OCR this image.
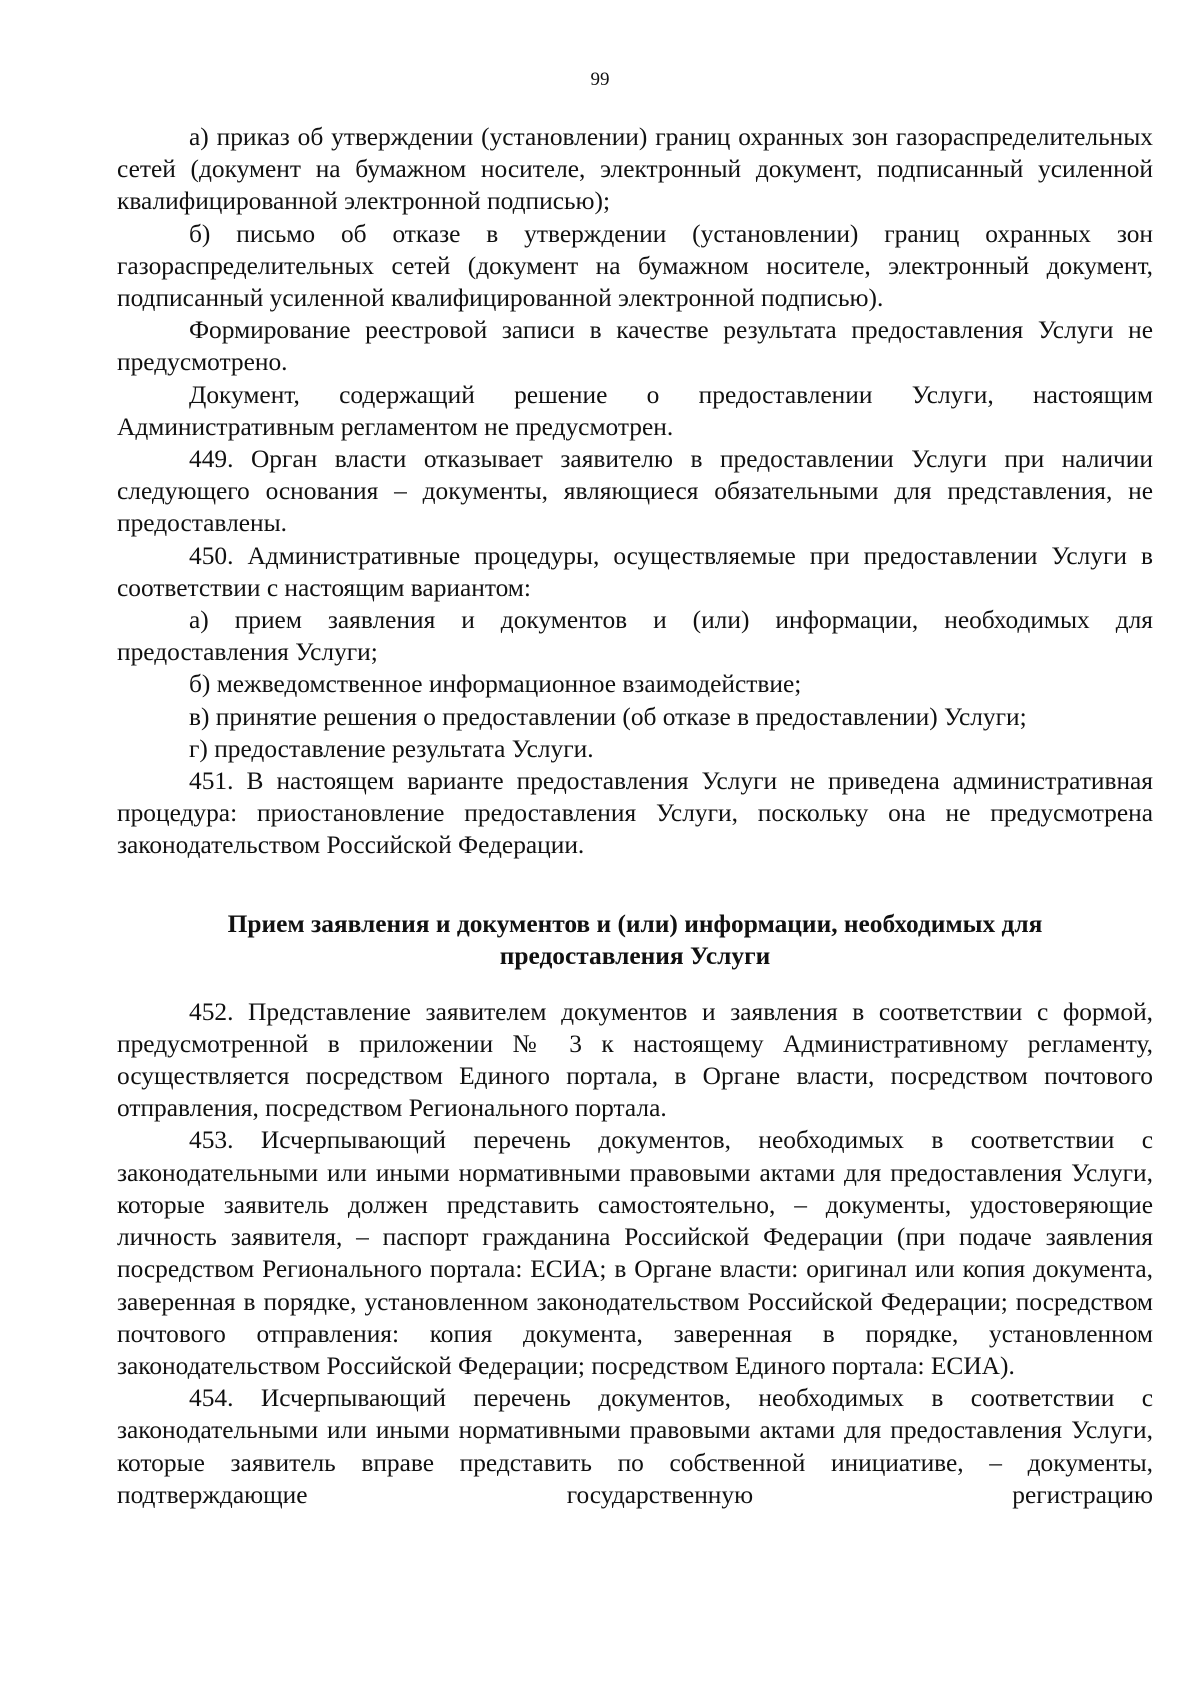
99

а) приказ об утверждении (установлении) границ охранных зон газораспределительных сетей (документ на бумажном носителе, электронный документ, подписанный усиленной квалифицированной электронной подписью);

б) письмо об отказе в утверждении (установлении) границ охранных зон газораспределительных сетей (документ на бумажном носителе, электронный документ, подписанный усиленной квалифицированной электронной подписью).

Формирование реестровой записи в качестве результата предоставления Услуги не предусмотрено.

Документ, содержащий решение о предоставлении Услуги, настоящим Административным регламентом не предусмотрен.

449. Орган власти отказывает заявителю в предоставлении Услуги при наличии следующего основания – документы, являющиеся обязательными для представления, не предоставлены.

450. Административные процедуры, осуществляемые при предоставлении Услуги в соответствии с настоящим вариантом:

а) прием заявления и документов и (или) информации, необходимых для предоставления Услуги;

б) межведомственное информационное взаимодействие;

в) принятие решения о предоставлении (об отказе в предоставлении) Услуги;

г) предоставление результата Услуги.

451. В настоящем варианте предоставления Услуги не приведена административная процедура: приостановление предоставления Услуги, поскольку она не предусмотрена законодательством Российской Федерации.

Прием заявления и документов и (или) информации, необходимых для
предоставления Услуги

452. Представление заявителем документов и заявления в соответствии с формой, предусмотренной в приложении № 3 к настоящему Административному регламенту, осуществляется посредством Единого портала, в Органе власти, посредством почтового отправления, посредством Регионального портала.

453. Исчерпывающий перечень документов, необходимых в соответствии с законодательными или иными нормативными правовыми актами для предоставления Услуги, которые заявитель должен представить самостоятельно, – документы, удостоверяющие личность заявителя, – паспорт гражданина Российской Федерации (при подаче заявления посредством Регионального портала: ЕСИА; в Органе власти: оригинал или копия документа, заверенная в порядке, установленном законодательством Российской Федерации; посредством почтового отправления: копия документа, заверенная в порядке, установленном законодательством Российской Федерации; посредством Единого портала: ЕСИА).

454. Исчерпывающий перечень документов, необходимых в соответствии с законодательными или иными нормативными правовыми актами для предоставления Услуги, которые заявитель вправе представить по собственной инициативе, – документы, подтверждающие государственную регистрацию
